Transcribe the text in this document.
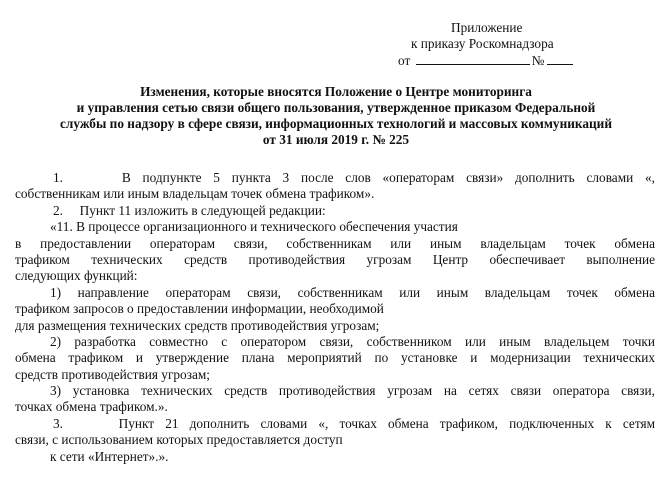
Приложение
к приказу Роскомнадзора
от	№
Изменения, которые вносятся Положение о Центре мониторинга
и управления сетью связи общего пользования, утвержденное приказом Федеральной
службы по надзору в сфере связи, информационных технологий и массовых коммуникаций
от 31 июля 2019 г. № 225
1.     В подпункте 5 пункта 3 после слов «операторам связи» дополнить словами «,
собственникам или иным владельцам точек обмена трафиком».
2.     Пункт 11 изложить в следующей редакции:
«11. В процессе организационного и технического обеспечения участия
в предоставлении операторам связи, собственникам или иным владельцам точек обмена
трафиком технических средств противодействия угрозам Центр обеспечивает выполнение
следующих функций:
1) направление операторам связи, собственникам или иным владельцам точек обмена
трафиком запросов о предоставлении информации, необходимой
для размещения технических средств противодействия угрозам;
2) разработка совместно с оператором связи, собственником или иным владельцем точки
обмена трафиком и утверждение плана мероприятий по установке и модернизации технических
средств противодействия угрозам;
3) установка технических средств противодействия угрозам на сетях связи оператора связи,
точках обмена трафиком.».
3.     Пункт 21 дополнить словами «, точках обмена трафиком, подключенных к сетям
связи, с использованием которых предоставляется доступ
к сети «Интернет».».
